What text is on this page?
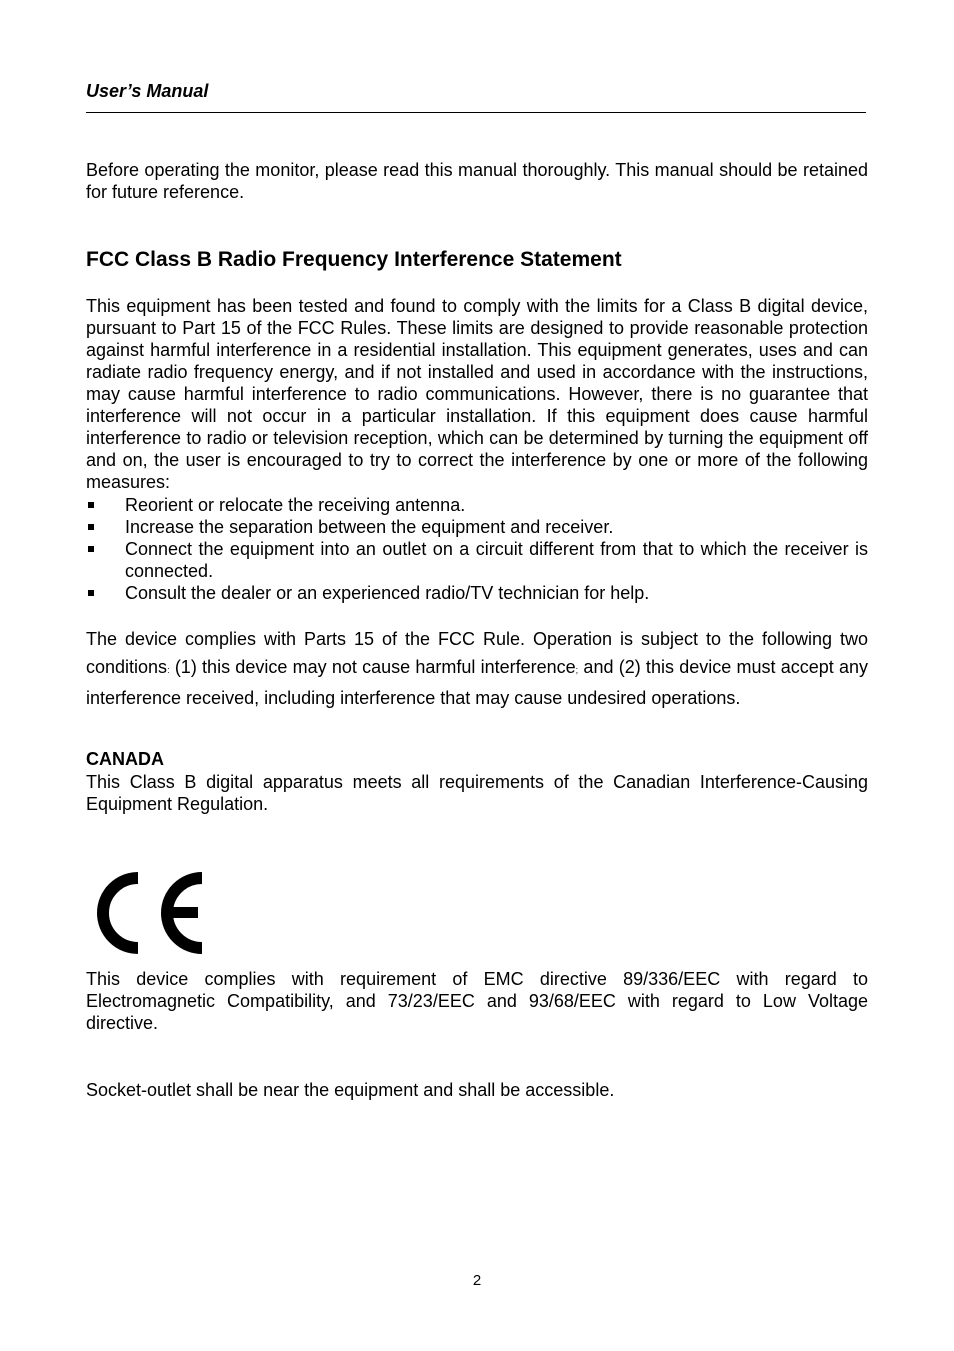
User’s Manual

Before operating the monitor, please read this manual thoroughly. This manual should be retained for future reference.

FCC Class B Radio Frequency Interference Statement

This equipment has been tested and found to comply with the limits for a Class B digital device, pursuant to Part 15 of the FCC Rules. These limits are designed to provide reasonable protection against harmful interference in a residential installation. This equipment generates, uses and can radiate radio frequency energy, and if not installed and used in accordance with the instructions, may cause harmful interference to radio communications. However, there is no guarantee that interference will not occur in a particular installation. If this equipment does cause harmful interference to radio or television reception, which can be determined by turning the equipment off and on, the user is encouraged to try to correct the interference by one or more of the following measures:

Reorient or relocate the receiving antenna.
Increase the separation between the equipment and receiver.
Connect the equipment into an outlet on a circuit different from that to which the receiver is connected.
Consult the dealer or an experienced radio/TV technician for help.

The device complies with Parts 15 of the FCC Rule. Operation is subject to the following two conditions: (1) this device may not cause harmful interference; and (2) this device must accept any interference received, including interference that may cause undesired operations.

CANADA

This Class B digital apparatus meets all requirements of the Canadian Interference-Causing Equipment Regulation.

This device complies with requirement of EMC directive 89/336/EEC with regard to Electromagnetic Compatibility, and 73/23/EEC and 93/68/EEC with regard to Low Voltage directive.

Socket-outlet shall be near the equipment and shall be accessible.

2
